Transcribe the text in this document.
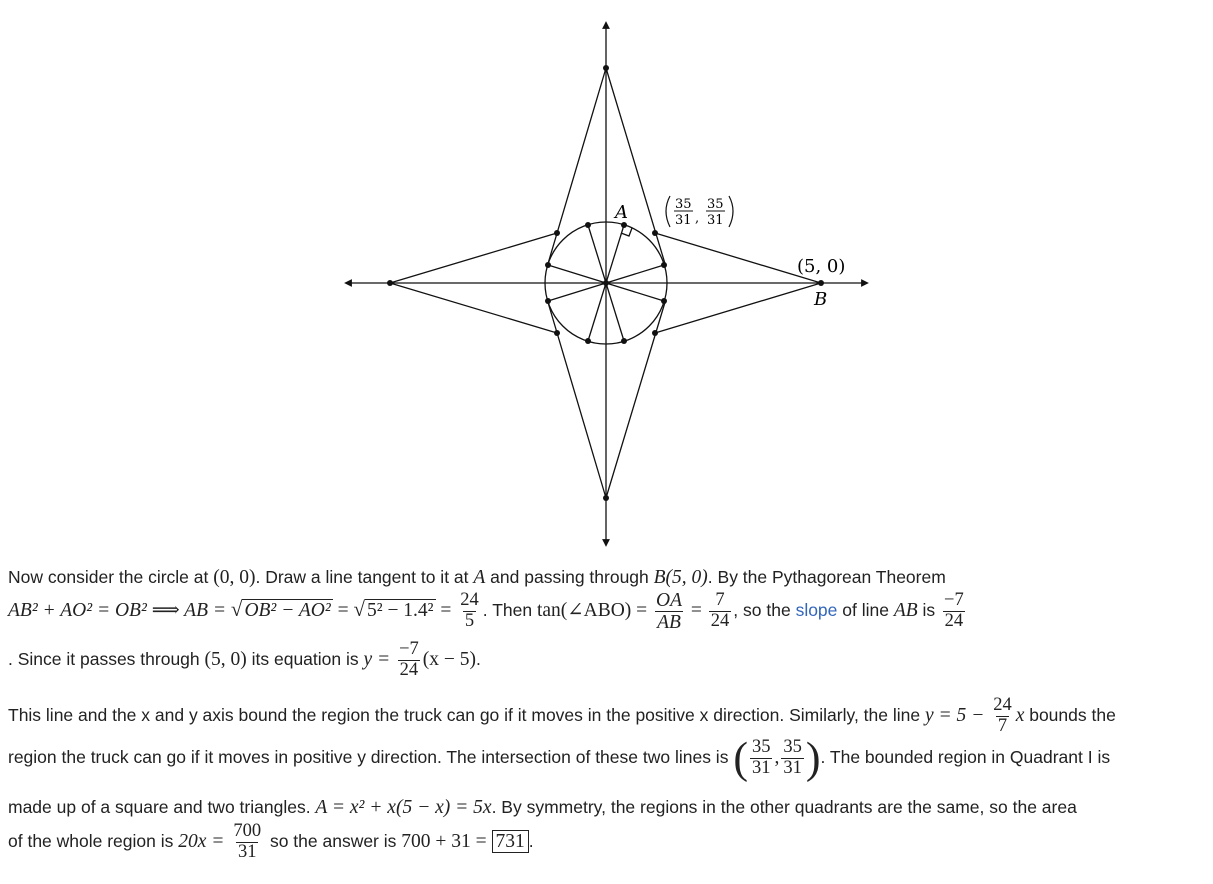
A
B
(5, 0)
35
31 ,
35
31
Now consider the circle at (0, 0). Draw a line tangent to it at A and passing through B(5, 0). By the Pythagorean Theorem
AB² + AO² = OB² ⟹ AB = √ OB² − AO² = √ $5^2 - 1.4^2 = \frac{24}{5}$ . Then tan(∠ABO) = $\frac{OA}{AB} = \frac{7}{24}$ , so the slope of line AB is $\frac{-7}{24}$
. Since it passes through (5, 0) its equation is $y = \frac{-7}{24} (x - 5)$.
This line and the x and y axis bound the region the truck can go if it moves in the positive x direction. Similarly, the line $y = 5 - \frac{24}{7}$ x bounds the
region the truck can go if it moves in positive y direction. The intersection of these two lines is ( $\frac{35}{31}$ , $\frac{35}{31}$ ). The bounded region in Quadrant I is
made up of a square and two triangles. A = x² + x(5 − x) = 5x. By symmetry, the regions in the other quadrants are the same, so the area
of the whole region is $20x = \frac{700}{31}$ so the answer is 700 + 31 = 731 .
